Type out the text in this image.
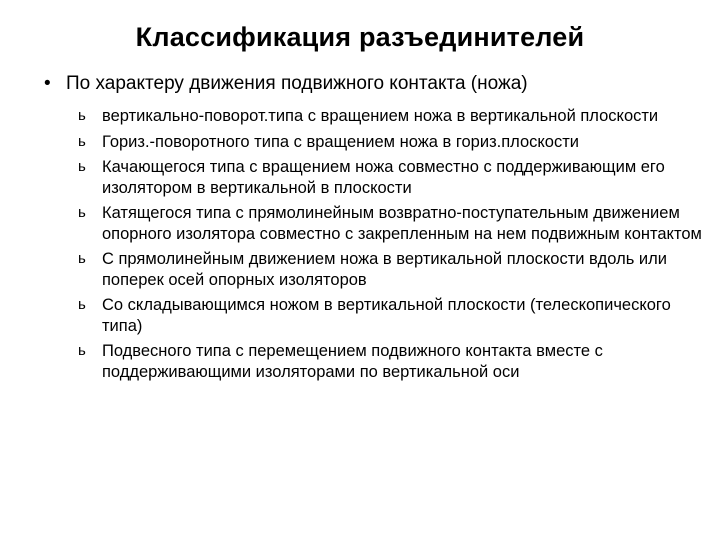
Классификация разъединителей
• По характеру движения подвижного контакта (ножа)
ь вертикально-поворот.типа с вращением ножа в вертикальной плоскости
ь Гориз.-поворотного типа с вращением ножа в гориз.плоскости
ь Качающегося типа с вращением ножа совместно с поддерживающим его изолятором в вертикальной в плоскости
ь Катящегося типа с прямолинейным возвратно-поступательным движением опорного изолятора совместно с закрепленным на нем подвижным контактом
ь С прямолинейным движением ножа в вертикальной плоскости вдоль или поперек осей опорных изоляторов
ь Со складывающимся ножом в вертикальной плоскости (телескопического типа)
ь Подвесного типа с перемещением подвижного контакта вместе с поддерживающими изоляторами по вертикальной оси
